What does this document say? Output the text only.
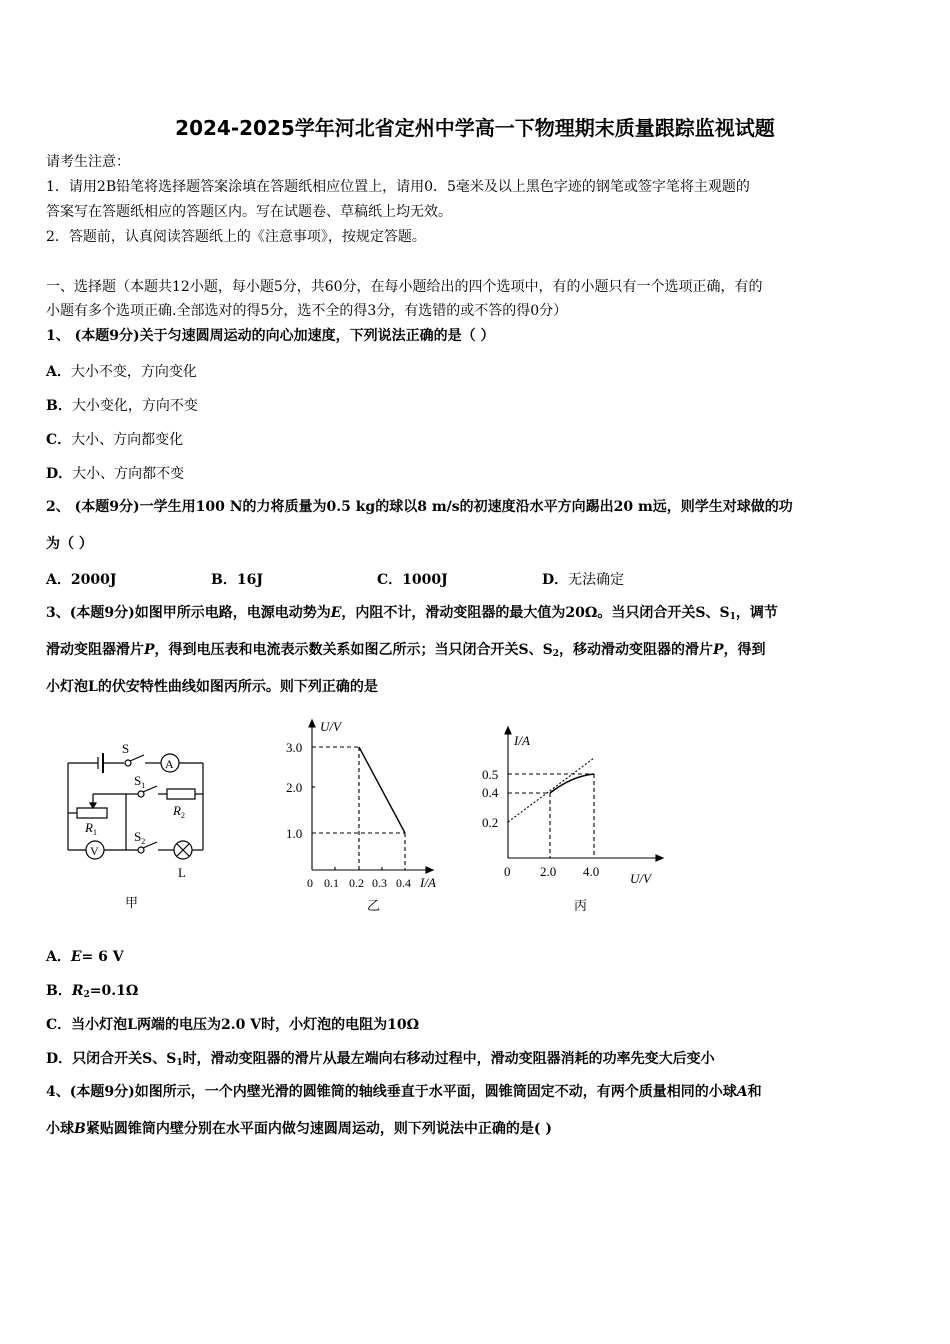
2024-2025学年河北省定州中学高一下物理期末质量跟踪监视试题
请考生注意：
1．请用2B铅笔将选择题答案涂填在答题纸相应位置上，请用0．5毫米及以上黑色字迹的钢笔或签字笔将主观题的
答案写在答题纸相应的答题区内。写在试题卷、草稿纸上均无效。
2．答题前，认真阅读答题纸上的《注意事项》，按规定答题。
一、选择题（本题共12小题，每小题5分，共60分，在每小题给出的四个选项中，有的小题只有一个选项正确，有的
小题有多个选项正确.全部选对的得5分，选不全的得3分，有选错的或不答的得0分）
1、 (本题9分)关于匀速圆周运动的向心加速度，下列说法正确的是（ ）
A．大小不变，方向变化
B．大小变化，方向不变
C．大小、方向都变化
D．大小、方向都不变
2、 (本题9分)一学生用100 N的力将质量为0.5 kg的球以8 m/s的初速度沿水平方向踢出20 m远，则学生对球做的功
为（ ）
A．2000J	B．16J	C．1000J	D．无法确定
3、(本题9分)如图甲所示电路，电源电动势为E，内阻不计，滑动变阻器的最大值为20Ω。当只闭合开关S、$S_1$，调节
滑动变阻器滑片P，得到电压表和电流表示数关系如图乙所示；当只闭合开关S、$S_2$，移动滑动变阻器的滑片P，得到
小灯泡L的伏安特性曲线如图丙所示。则下列正确的是
S
A
$S_1$
$R_2$
$R_1$	$S_2$
V
L
甲
U/V
3.0
2.0
1.0
0 0.1 0.2 0.3 0.4 I/A
乙
I/A
0.5
0.4
0.2
0 2.0 4.0 U/V
丙
A．E= 6 V
B．$R_2=0.1\Omega$
C．当小灯泡L两端的电压为2.0 V时，小灯泡的电阻为10Ω
D．只闭合开关S、$S_1$时，滑动变阻器的滑片从最左端向右移动过程中，滑动变阻器消耗的功率先变大后变小
4、(本题9分)如图所示，一个内壁光滑的圆锥筒的轴线垂直于水平面，圆锥筒固定不动，有两个质量相同的小球A和
小球B紧贴圆锥筒内壁分别在水平面内做匀速圆周运动，则下列说法中正确的是( )
